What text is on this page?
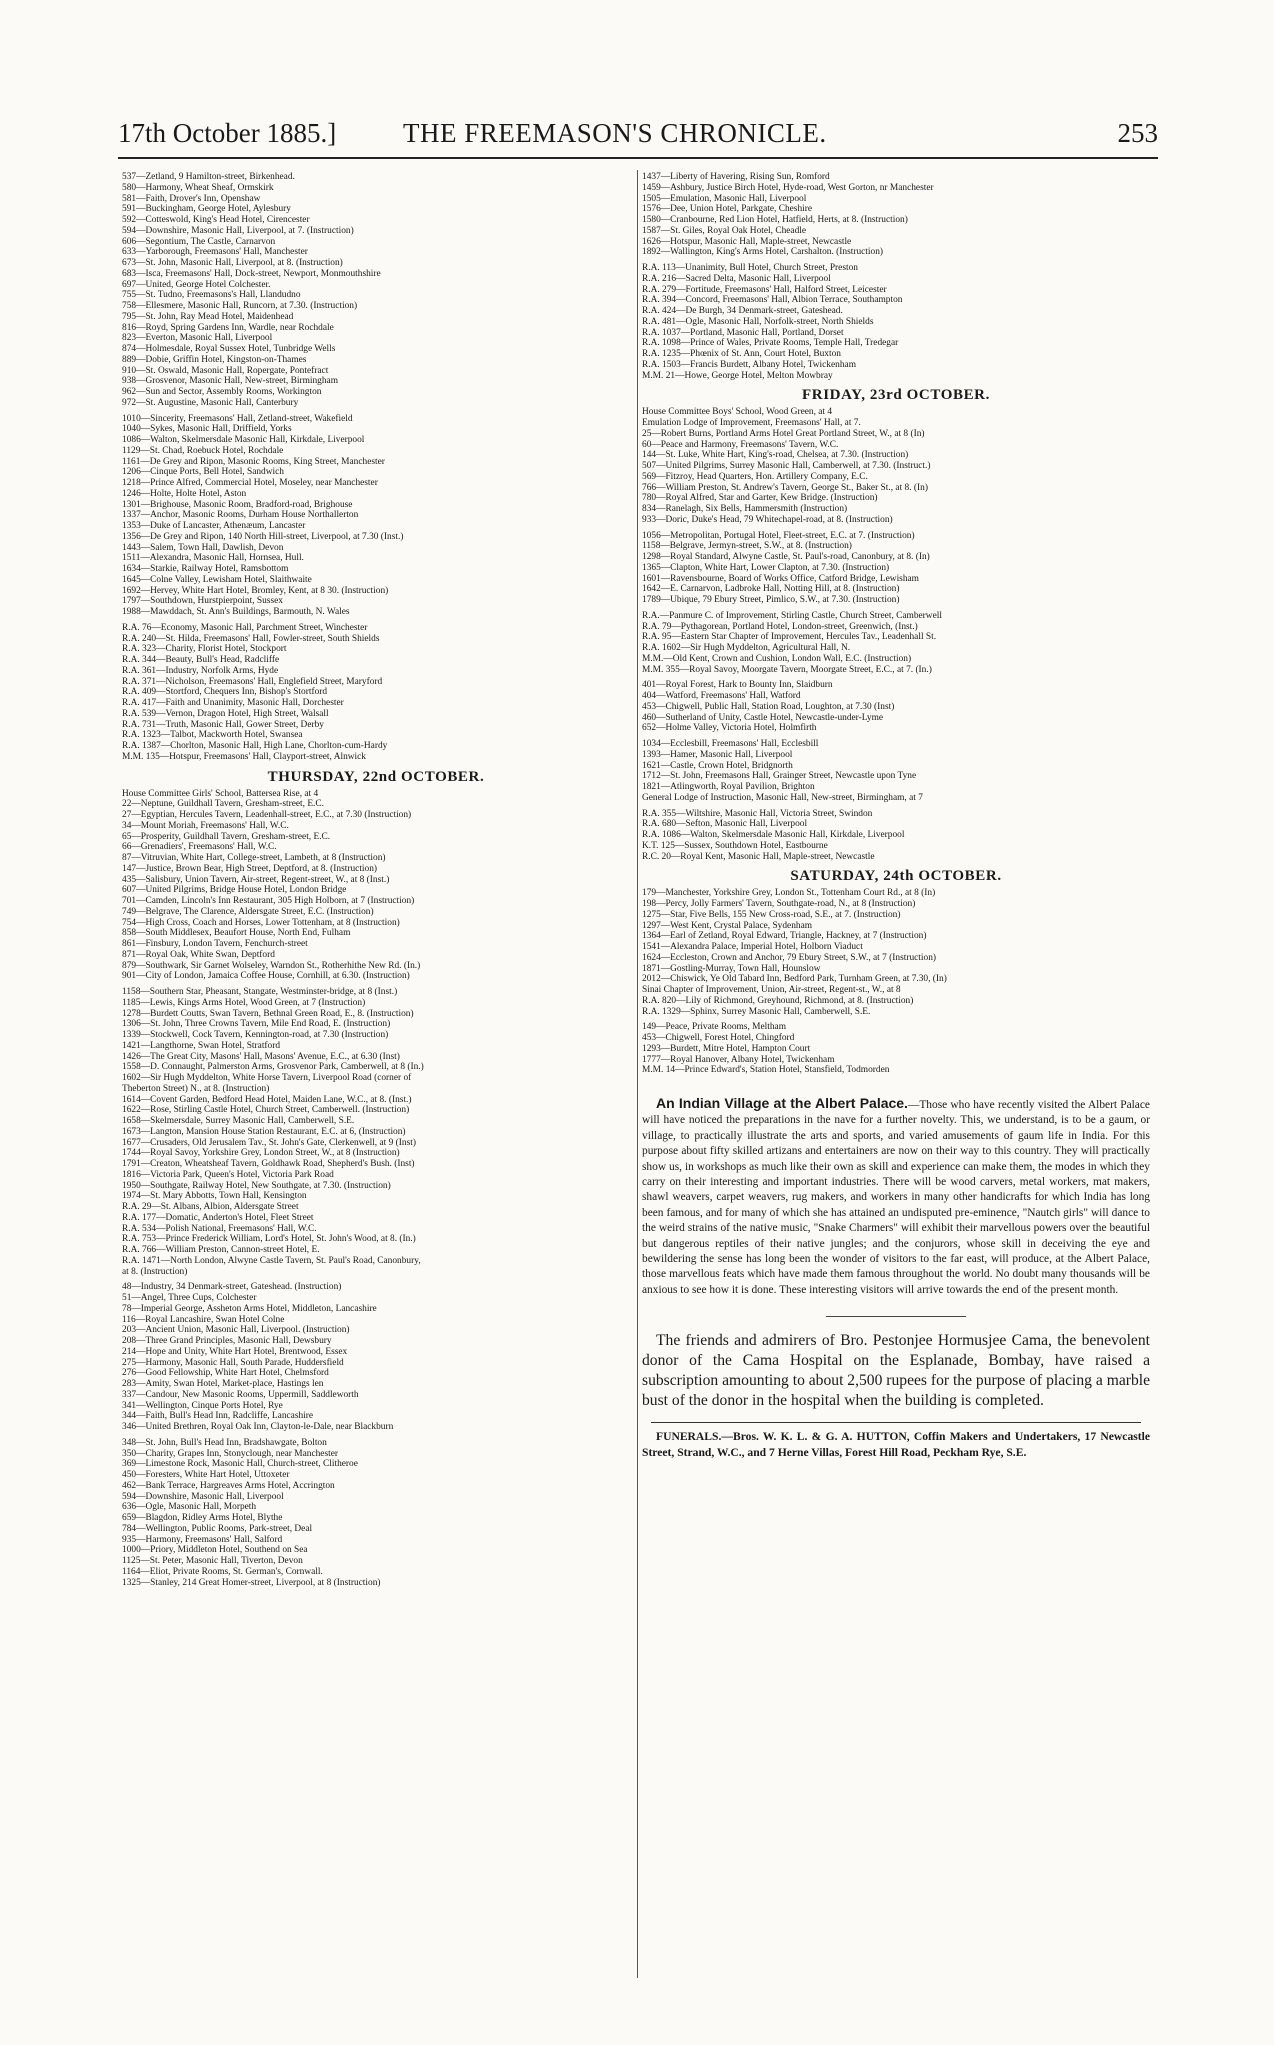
17th October 1885.] THE FREEMASON'S CHRONICLE.	253
537—Zetland, 9 Hamilton-street, Birkenhead.
580—Harmony, Wheat Sheaf, Ormskirk
581—Faith, Drover's Inn, Openshaw
591—Buckingham, George Hotel, Aylesbury
592—Cotteswold, King's Head Hotel, Cirencester
594—Downshire, Masonic Hall, Liverpool, at 7. (Instruction)
606—Segontium, The Castle, Carnarvon
633—Yarborough, Freemasons' Hall, Manchester
673—St. John, Masonic Hall, Liverpool, at 8. (Instruction)
683—Isca, Freemasons' Hall, Dock-street, Newport, Monmouthshire
697—United, George Hotel Colchester.
755—St. Tudno, Freemasons's Hall, Llandudno
758—Ellesmere, Masonic Hall, Runcorn, at 7.30. (Instruction)
795—St. John, Ray Mead Hotel, Maidenhead
816—Royd, Spring Gardens Inn, Wardle, near Rochdale
823—Everton, Masonic Hall, Liverpool
874—Holmesdale, Royal Sussex Hotel, Tunbridge Wells
889—Dobie, Griffin Hotel, Kingston-on-Thames
910—St. Oswald, Masonic Hall, Ropergate, Pontefract
938—Grosvenor, Masonic Hall, New-street, Birmingham
962—Sun and Sector, Assembly Rooms, Workington
972—St. Augustine, Masonic Hall, Canterbury
1010—Sincerity, Freemasons' Hall, Zetland-street, Wakefield
1040—Sykes, Masonic Hall, Driffield, Yorks
1086—Walton, Skelmersdale Masonic Hall, Kirkdale, Liverpool
1129—St. Chad, Roebuck Hotel, Rochdale
1161—De Grey and Ripon, Masonic Rooms, King Street, Manchester
1206—Cinque Ports, Bell Hotel, Sandwich
1218—Prince Alfred, Commercial Hotel, Moseley, near Manchester
1246—Holte, Holte Hotel, Aston
1301—Brighouse, Masonic Room, Bradford-road, Brighouse
1337—Anchor, Masonic Rooms, Durham House Northallerton
1353—Duke of Lancaster, Athenæum, Lancaster
1356—De Grey and Ripon, 140 North Hill-street, Liverpool, at 7.30 (Inst.)
1443—Salem, Town Hall, Dawlish, Devon
1511—Alexandra, Masonic Hall, Hornsea, Hull.
1634—Starkie, Railway Hotel, Ramsbottom
1645—Colne Valley, Lewisham Hotel, Slaithwaite
1692—Hervey, White Hart Hotel, Bromley, Kent, at 8 30. (Instruction)
1797—Southdown, Hurstpierpoint, Sussex
1988—Mawddach, St. Ann's Buildings, Barmouth, N. Wales
R.A. 76—Economy, Masonic Hall, Parchment Street, Winchester
R.A. 240—St. Hilda, Freemasons' Hall, Fowler-street, South Shields
R.A. 323—Charity, Florist Hotel, Stockport
R.A. 344—Beauty, Bull's Head, Radcliffe
R.A. 361—Industry, Norfolk Arms, Hyde
R.A. 371—Nicholson, Freemasons' Hall, Englefield Street, Maryford
R.A. 409—Stortford, Chequers Inn, Bishop's Stortford
R.A. 417—Faith and Unanimity, Masonic Hall, Dorchester
R.A. 539—Vernon, Dragon Hotel, High Street, Walsall
R.A. 731—Truth, Masonic Hall, Gower Street, Derby
R.A. 1323—Talbot, Mackworth Hotel, Swansea
R.A. 1387—Chorlton, Masonic Hall, High Lane, Chorlton-cum-Hardy
M.M. 135—Hotspur, Freemasons' Hall, Clayport-street, Alnwick
THURSDAY, 22nd OCTOBER.
House Committee Girls' School, Battersea Rise, at 4
22—Neptune, Guildhall Tavern, Gresham-street, E.C.
27—Egyptian, Hercules Tavern, Leadenhall-street, E.C., at 7.30 (Instruction)
34—Mount Moriah, Freemasons' Hall, W.C.
65—Prosperity, Guildhall Tavern, Gresham-street, E.C.
66—Grenadiers', Freemasons' Hall, W.C.
87—Vitruvian, White Hart, College-street, Lambeth, at 8 (Instruction)
147—Justice, Brown Bear, High Street, Deptford, at 8. (Instruction)
435—Salisbury, Union Tavern, Air-street, Regent-street, W., at 8 (Inst.)
607—United Pilgrims, Bridge House Hotel, London Bridge
701—Camden, Lincoln's Inn Restaurant, 305 High Holborn, at 7 (Instruction)
749—Belgrave, The Clarence, Aldersgate Street, E.C. (Instruction)
754—High Cross, Coach and Horses, Lower Tottenham, at 8 (Instruction)
858—South Middlesex, Beaufort House, North End, Fulham
861—Finsbury, London Tavern, Fenchurch-street
871—Royal Oak, White Swan, Deptford
879—Southwark, Sir Garnet Wolseley, Warndon St., Rotherhithe New Rd. (In.)
901—City of London, Jamaica Coffee House, Cornhill, at 6.30. (Instruction)
1158—Southern Star, Pheasant, Stangate, Westminster-bridge, at 8 (Inst.)
1185—Lewis, Kings Arms Hotel, Wood Green, at 7 (Instruction)
1278—Burdett Coutts, Swan Tavern, Bethnal Green Road, E., 8. (Instruction)
1306—St. John, Three Crowns Tavern, Mile End Road, E. (Instruction)
1339—Stockwell, Cock Tavern, Kennington-road, at 7.30 (Instruction)
1421—Langthorne, Swan Hotel, Stratford
1426—The Great City, Masons' Hall, Masons' Avenue, E.C., at 6.30 (Inst)
1558—D. Connaught, Palmerston Arms, Grosvenor Park, Camberwell, at 8 (In.)
1602—Sir Hugh Myddelton, White Horse Tavern, Liverpool Road (corner of
Theberton Street) N., at 8. (Instruction)
1614—Covent Garden, Bedford Head Hotel, Maiden Lane, W.C., at 8. (Inst.)
1622—Rose, Stirling Castle Hotel, Church Street, Camberwell. (Instruction)
1658—Skelmersdale, Surrey Masonic Hall, Camberwell, S.E.
1673—Langton, Mansion House Station Restaurant, E.C. at 6, (Instruction)
1677—Crusaders, Old Jerusalem Tav., St. John's Gate, Clerkenwell, at 9 (Inst)
1744—Royal Savoy, Yorkshire Grey, London Street, W., at 8 (Instruction)
1791—Creaton, Wheatsheaf Tavern, Goldhawk Road, Shepherd's Bush. (Inst)
1816—Victoria Park, Queen's Hotel, Victoria Park Road
1950—Southgate, Railway Hotel, New Southgate, at 7.30. (Instruction)
1974—St. Mary Abbotts, Town Hall, Kensington
R.A. 29—St. Albans, Albion, Aldersgate Street
R.A. 177—Domatic, Anderton's Hotel, Fleet Street
R.A. 534—Polish National, Freemasons' Hall, W.C.
R.A. 753—Prince Frederick William, Lord's Hotel, St. John's Wood, at 8. (In.)
R.A. 766—William Preston, Cannon-street Hotel, E.
R.A. 1471—North London, Alwyne Castle Tavern, St. Paul's Road, Canonbury,
at 8. (Instruction)
48—Industry, 34 Denmark-street, Gateshead. (Instruction)
51—Angel, Three Cups, Colchester
78—Imperial George, Assheton Arms Hotel, Middleton, Lancashire
116—Royal Lancashire, Swan Hotel Colne
203—Ancient Union, Masonic Hall, Liverpool. (Instruction)
208—Three Grand Principles, Masonic Hall, Dewsbury
214—Hope and Unity, White Hart Hotel, Brentwood, Essex
275—Harmony, Masonic Hall, South Parade, Huddersfield
276—Good Fellowship, White Hart Hotel, Chelmsford
283—Amity, Swan Hotel, Market-place, Hastings len
337—Candour, New Masonic Rooms, Uppermill, Saddleworth
341—Wellington, Cinque Ports Hotel, Rye
344—Faith, Bull's Head Inn, Radcliffe, Lancashire
346—United Brethren, Royal Oak Inn, Clayton-le-Dale, near Blackburn
348—St. John, Bull's Head Inn, Bradshawgate, Bolton
350—Charity, Grapes Inn, Stonyclough, near Manchester
369—Limestone Rock, Masonic Hall, Church-street, Clitheroe
450—Foresters, White Hart Hotel, Uttoxeter
462—Bank Terrace, Hargreaves Arms Hotel, Accrington
594—Downshire, Masonic Hall, Liverpool
636—Ogle, Masonic Hall, Morpeth
659—Blagdon, Ridley Arms Hotel, Blythe
784—Wellington, Public Rooms, Park-street, Deal
935—Harmony, Freemasons' Hall, Salford
1000—Priory, Middleton Hotel, Southend on Sea
1125—St. Peter, Masonic Hall, Tiverton, Devon
1164—Eliot, Private Rooms, St. German's, Cornwall.
1325—Stanley, 214 Great Homer-street, Liverpool, at 8 (Instruction)
1437—Liberty of Havering, Rising Sun, Romford
1459—Ashbury, Justice Birch Hotel, Hyde-road, West Gorton, nr Manchester
1505—Emulation, Masonic Hall, Liverpool
1576—Dee, Union Hotel, Parkgate, Cheshire
1580—Cranbourne, Red Lion Hotel, Hatfield, Herts, at 8. (Instruction)
1587—St. Giles, Royal Oak Hotel, Cheadle
1626—Hotspur, Masonic Hall, Maple-street, Newcastle
1892—Wallington, King's Arms Hotel, Carshalton. (Instruction)
R.A. 113—Unanimity, Bull Hotel, Church Street, Preston
R.A. 216—Sacred Delta, Masonic Hall, Liverpool
R.A. 279—Fortitude, Freemasons' Hall, Halford Street, Leicester
R.A. 394—Concord, Freemasons' Hall, Albion Terrace, Southampton
R.A. 424—De Burgh, 34 Denmark-street, Gateshead.
R.A. 481—Ogle, Masonic Hall, Norfolk-street, North Shields
R.A. 1037—Portland, Masonic Hall, Portland, Dorset
R.A. 1098—Prince of Wales, Private Rooms, Temple Hall, Tredegar
R.A. 1235—Phœnix of St. Ann, Court Hotel, Buxton
R.A. 1503—Francis Burdett, Albany Hotel, Twickenham
M.M. 21—Howe, George Hotel, Melton Mowbray
FRIDAY, 23rd OCTOBER.
House Committee Boys' School, Wood Green, at 4
Emulation Lodge of Improvement, Freemasons' Hall, at 7.
25—Robert Burns, Portland Arms Hotel Great Portland Street, W., at 8 (In)
60—Peace and Harmony, Freemasons' Tavern, W.C.
144—St. Luke, White Hart, King's-road, Chelsea, at 7.30. (Instruction)
507—United Pilgrims, Surrey Masonic Hall, Camberwell, at 7.30. (Instruct.)
569—Fitzroy, Head Quarters, Hon. Artillery Company, E.C.
766—William Preston, St. Andrew's Tavern, George St., Baker St., at 8. (In)
780—Royal Alfred, Star and Garter, Kew Bridge. (Instruction)
834—Ranelagh, Six Bells, Hammersmith (Instruction)
933—Doric, Duke's Head, 79 Whitechapel-road, at 8. (Instruction)
1056—Metropolitan, Portugal Hotel, Fleet-street, E.C. at 7. (Instruction)
1158—Belgrave, Jermyn-street, S.W., at 8. (Instruction)
1298—Royal Standard, Alwyne Castle, St. Paul's-road, Canonbury, at 8. (In)
1365—Clapton, White Hart, Lower Clapton, at 7.30. (Instruction)
1601—Ravensbourne, Board of Works Office, Catford Bridge, Lewisham
1642—E. Carnarvon, Ladbroke Hall, Notting Hill, at 8. (Instruction)
1789—Ubique, 79 Ebury Street, Pimlico, S.W., at 7.30. (Instruction)
R.A.—Panmure C. of Improvement, Stirling Castle, Church Street, Camberwell
R.A. 79—Pythagorean, Portland Hotel, London-street, Greenwich, (Inst.)
R.A. 95—Eastern Star Chapter of Improvement, Hercules Tav., Leadenhall St.
R.A. 1602—Sir Hugh Myddelton, Agricultural Hall, N.
M.M.—Old Kent, Crown and Cushion, London Wall, E.C. (Instruction)
M.M. 355—Royal Savoy, Moorgate Tavern, Moorgate Street, E.C., at 7. (In.)
401—Royal Forest, Hark to Bounty Inn, Slaidburn
404—Watford, Freemasons' Hall, Watford
453—Chigwell, Public Hall, Station Road, Loughton, at 7.30 (Inst)
460—Sutherland of Unity, Castle Hotel, Newcastle-under-Lyme
652—Holme Valley, Victoria Hotel, Holmfirth
1034—Ecclesbill, Freemasons' Hall, Ecclesbill
1393—Hamer, Masonic Hall, Liverpool
1621—Castle, Crown Hotel, Bridgnorth
1712—St. John, Freemasons Hall, Grainger Street, Newcastle upon Tyne
1821—Atlingworth, Royal Pavilion, Brighton
General Lodge of Instruction, Masonic Hall, New-street, Birmingham, at 7
R.A. 355—Wiltshire, Masonic Hall, Victoria Street, Swindon
R.A. 680—Sefton, Masonic Hall, Liverpool
R.A. 1086—Walton, Skelmersdale Masonic Hall, Kirkdale, Liverpool
K.T. 125—Sussex, Southdown Hotel, Eastbourne
R.C. 20—Royal Kent, Masonic Hall, Maple-street, Newcastle
SATURDAY, 24th OCTOBER.
179—Manchester, Yorkshire Grey, London St., Tottenham Court Rd., at 8 (In)
198—Percy, Jolly Farmers' Tavern, Southgate-road, N., at 8 (Instruction)
1275—Star, Five Bells, 155 New Cross-road, S.E., at 7. (Instruction)
1297—West Kent, Crystal Palace, Sydenham
1364—Earl of Zetland, Royal Edward, Triangle, Hackney, at 7 (Instruction)
1541—Alexandra Palace, Imperial Hotel, Holborn Viaduct
1624—Eccleston, Crown and Anchor, 79 Ebury Street, S.W., at 7 (Instruction)
1871—Gostling-Murray, Town Hall, Hounslow
2012—Chiswick, Ye Old Tabard Inn, Bedford Park, Turnham Green, at 7.30, (In)
Sinai Chapter of Improvement, Union, Air-street, Regent-st., W., at 8
R.A. 820—Lily of Richmond, Greyhound, Richmond, at 8. (Instruction)
R.A. 1329—Sphinx, Surrey Masonic Hall, Camberwell, S.E.
149—Peace, Private Rooms, Meltham
453—Chigwell, Forest Hotel, Chingford
1293—Burdett, Mitre Hotel, Hampton Court
1777—Royal Hanover, Albany Hotel, Twickenham
M.M. 14—Prince Edward's, Station Hotel, Stansfield, Todmorden
An Indian Village at the Albert Palace.—Those who have recently visited the Albert Palace will have noticed the preparations in the nave for a further novelty. This, we understand, is to be a gaum, or village, to practically illustrate the arts and sports, and varied amusements of gaum life in India. For this purpose about fifty skilled artizans and entertainers are now on their way to this country. They will practically show us, in workshops as much like their own as skill and experience can make them, the modes in which they carry on their interesting and important industries. There will be wood carvers, metal workers, mat makers, shawl weavers, carpet weavers, rug makers, and workers in many other handicrafts for which India has long been famous, and for many of which she has attained an undisputed pre-eminence, "Nautch girls" will dance to the weird strains of the native music, "Snake Charmers" will exhibit their marvellous powers over the beautiful but dangerous reptiles of their native jungles; and the conjurors, whose skill in deceiving the eye and bewildering the sense has long been the wonder of visitors to the far east, will produce, at the Albert Palace, those marvellous feats which have made them famous throughout the world. No doubt many thousands will be anxious to see how it is done. These interesting visitors will arrive towards the end of the present month.
The friends and admirers of Bro. Pestonjee Hormusjee Cama, the benevolent donor of the Cama Hospital on the Esplanade, Bombay, have raised a subscription amounting to about 2,500 rupees for the purpose of placing a marble bust of the donor in the hospital when the building is completed.
FUNERALS.—Bros. W. K. L. & G. A. HUTTON, Coffin Makers and Undertakers, 17 Newcastle Street, Strand, W.C., and 7 Herne Villas, Forest Hill Road, Peckham Rye, S.E.
